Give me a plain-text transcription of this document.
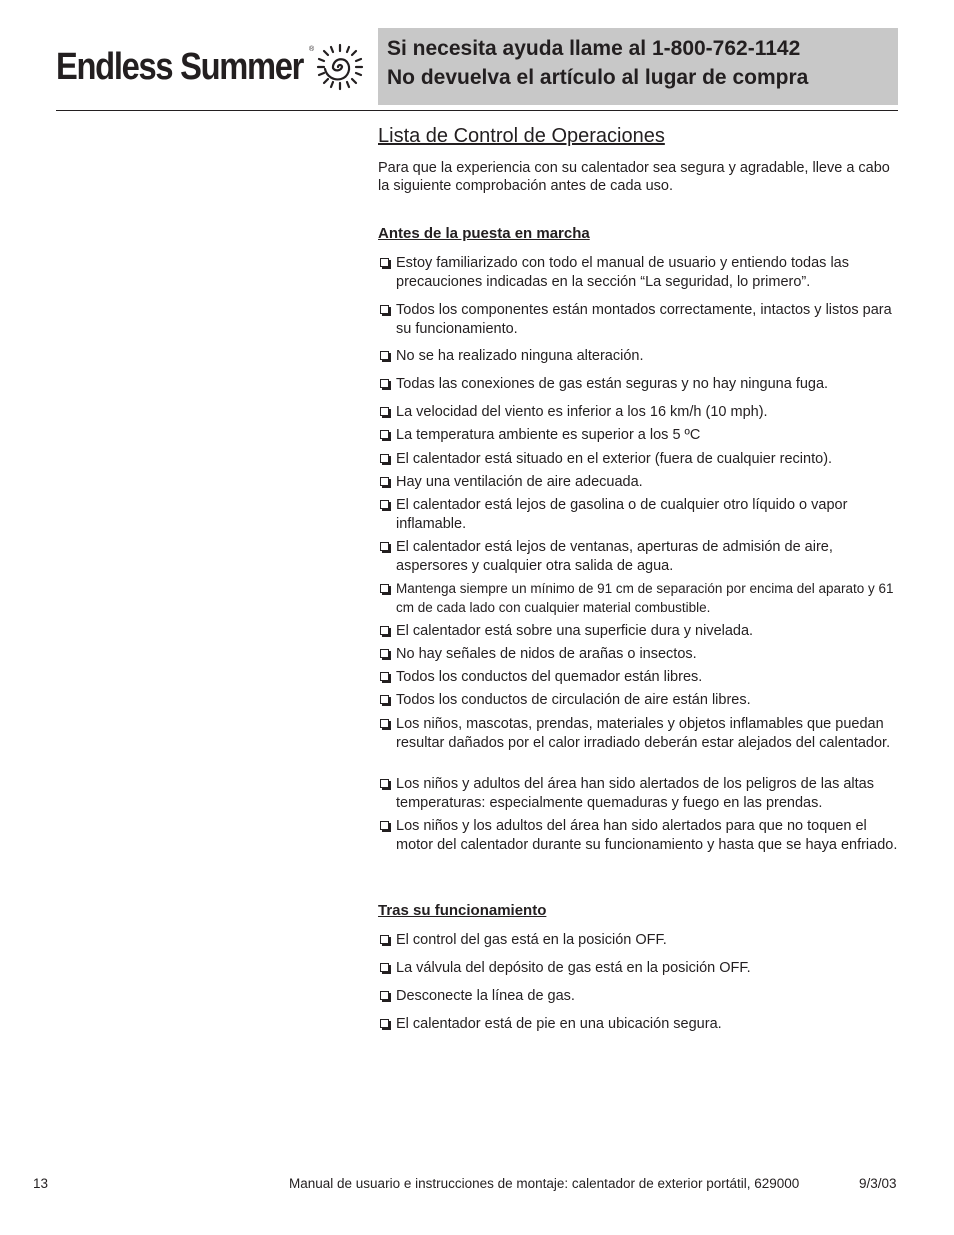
Endless Summer ®	Si necesita ayuda llame al 1-800-762-1142
No devuelva el artículo al lugar de compra
Lista de Control de Operaciones
Para que la experiencia con su calentador sea segura y agradable, lleve a cabo la siguiente comprobación antes de cada uso.
Antes de la puesta en marcha
Estoy familiarizado con todo el manual de usuario y entiendo todas las precauciones indicadas en la sección “La seguridad, lo primero”.
Todos los componentes están montados correctamente, intactos y listos para su funcionamiento.
No se ha realizado ninguna alteración.
Todas las conexiones de gas están seguras y no hay ninguna fuga.
La velocidad del viento es inferior a los 16 km/h (10 mph).
La temperatura ambiente es superior a los 5 ºC
El calentador está situado en el exterior (fuera de cualquier recinto).
Hay una ventilación de aire adecuada.
El calentador está lejos de gasolina o de cualquier otro líquido o vapor inflamable.
El calentador está lejos de ventanas, aperturas de admisión de aire, aspersores y cualquier otra salida de agua.
Mantenga siempre un mínimo de 91 cm de separación por encima del aparato y 61 cm de cada lado con cualquier material combustible.
El calentador está sobre una superficie dura y nivelada.
No hay señales de nidos de arañas o insectos.
Todos los conductos del quemador están libres.
Todos los conductos de circulación de aire están libres.
Los niños, mascotas, prendas, materiales y objetos inflamables que puedan resultar dañados por el calor irradiado deberán estar alejados del calentador.
Los niños y adultos del área han sido alertados de los peligros de las altas temperaturas: especialmente quemaduras y fuego en las prendas.
Los niños y los adultos del área han sido alertados para que no toquen el motor del calentador durante su funcionamiento y hasta que se haya enfriado.
Tras su funcionamiento
El control del gas está en la posición OFF.
La válvula del depósito de gas está en la posición OFF.
Desconecte la línea de gas.
El calentador está de pie en una ubicación segura.
13	Manual de usuario e instrucciones de montaje: calentador de exterior portátil, 629000	9/3/03
